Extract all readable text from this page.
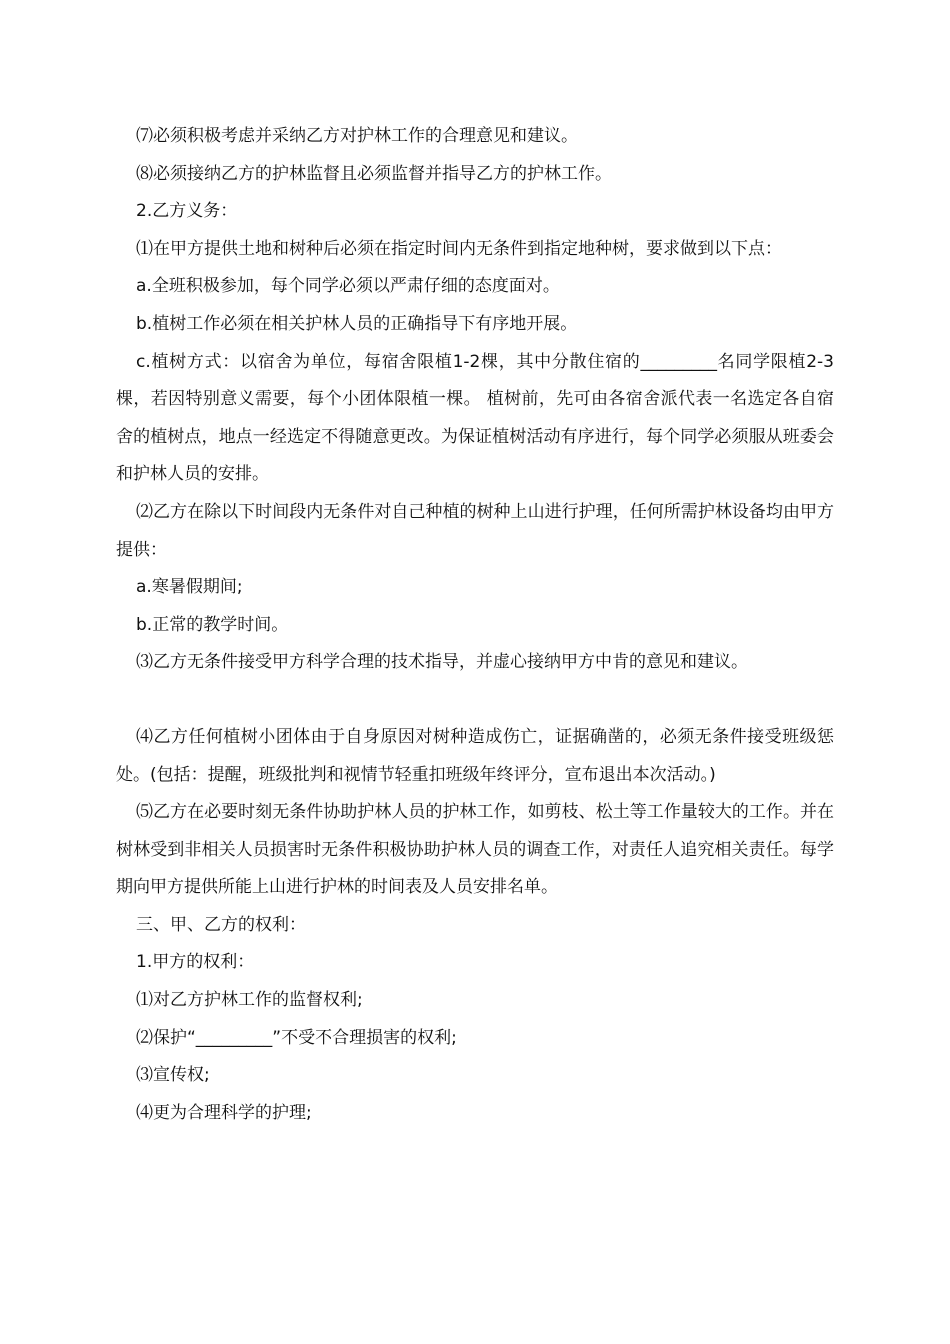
⑺必须积极考虑并采纳乙方对护林工作的合理意见和建议。

⑻必须接纳乙方的护林监督且必须监督并指导乙方的护林工作。

2.乙方义务：

⑴在甲方提供土地和树种后必须在指定时间内无条件到指定地种树，要求做到以下点：

a.全班积极参加，每个同学必须以严肃仔细的态度面对。

b.植树工作必须在相关护林人员的正确指导下有序地开展。

c.植树方式：以宿舍为单位，每宿舍限植1-2棵，其中分散住宿的_________名同学限植2-3棵，若因特别意义需要，每个小团体限植一棵。 植树前，先可由各宿舍派代表一名选定各自宿舍的植树点，地点一经选定不得随意更改。为保证植树活动有序进行，每个同学必须服从班委会和护林人员的安排。

⑵乙方在除以下时间段内无条件对自己种植的树种上山进行护理，任何所需护林设备均由甲方提供：

a.寒暑假期间;

b.正常的教学时间。

⑶乙方无条件接受甲方科学合理的技术指导，并虚心接纳甲方中肯的意见和建议。

⑷乙方任何植树小团体由于自身原因对树种造成伤亡，证据确凿的，必须无条件接受班级惩处。(包括：提醒，班级批判和视情节轻重扣班级年终评分，宣布退出本次活动。)

⑸乙方在必要时刻无条件协助护林人员的护林工作，如剪枝、松土等工作量较大的工作。并在树林受到非相关人员损害时无条件积极协助护林人员的调查工作，对责任人追究相关责任。每学期向甲方提供所能上山进行护林的时间表及人员安排名单。

三、甲、乙方的权利：

1.甲方的权利：

⑴对乙方护林工作的监督权利;

⑵保护“_________”不受不合理损害的权利;

⑶宣传权;

⑷更为合理科学的护理;
